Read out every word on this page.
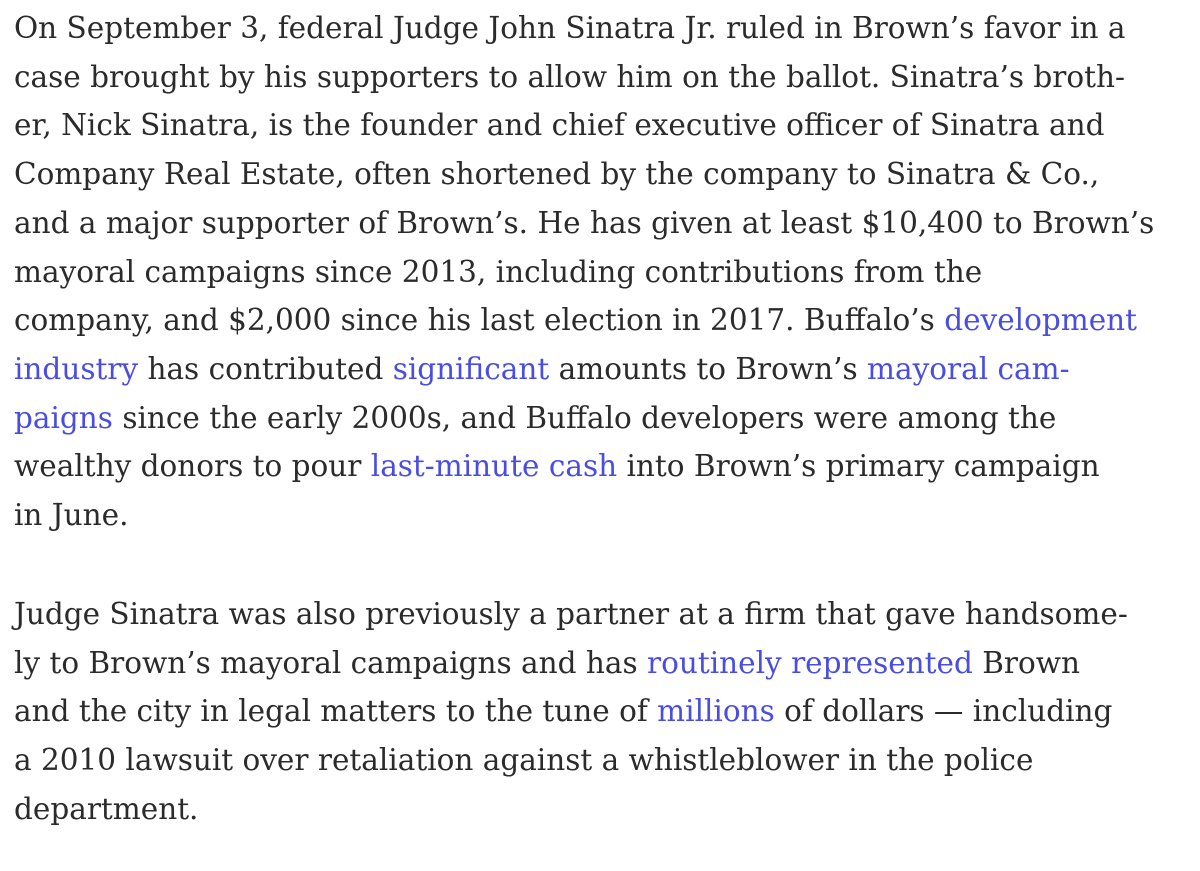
On September 3, federal Judge John Sinatra Jr. ruled in Brown’s favor in a
case brought by his supporters to allow him on the ballot. Sinatra’s broth-
er, Nick Sinatra, is the founder and chief executive officer of Sinatra and
Company Real Estate, often shortened by the company to Sinatra & Co.,
and a major supporter of Brown’s. He has given at least $10,400 to Brown’s
mayoral campaigns since 2013, including contributions from the
company, and $2,000 since his last election in 2017. Buffalo’s development
industry has contributed significant amounts to Brown’s mayoral cam-
paigns since the early 2000s, and Buffalo developers were among the
wealthy donors to pour last-minute cash into Brown’s primary campaign
in June.
Judge Sinatra was also previously a partner at a firm that gave handsome-
ly to Brown’s mayoral campaigns and has routinely represented Brown
and the city in legal matters to the tune of millions of dollars — including
a 2010 lawsuit over retaliation against a whistleblower in the police
department.
